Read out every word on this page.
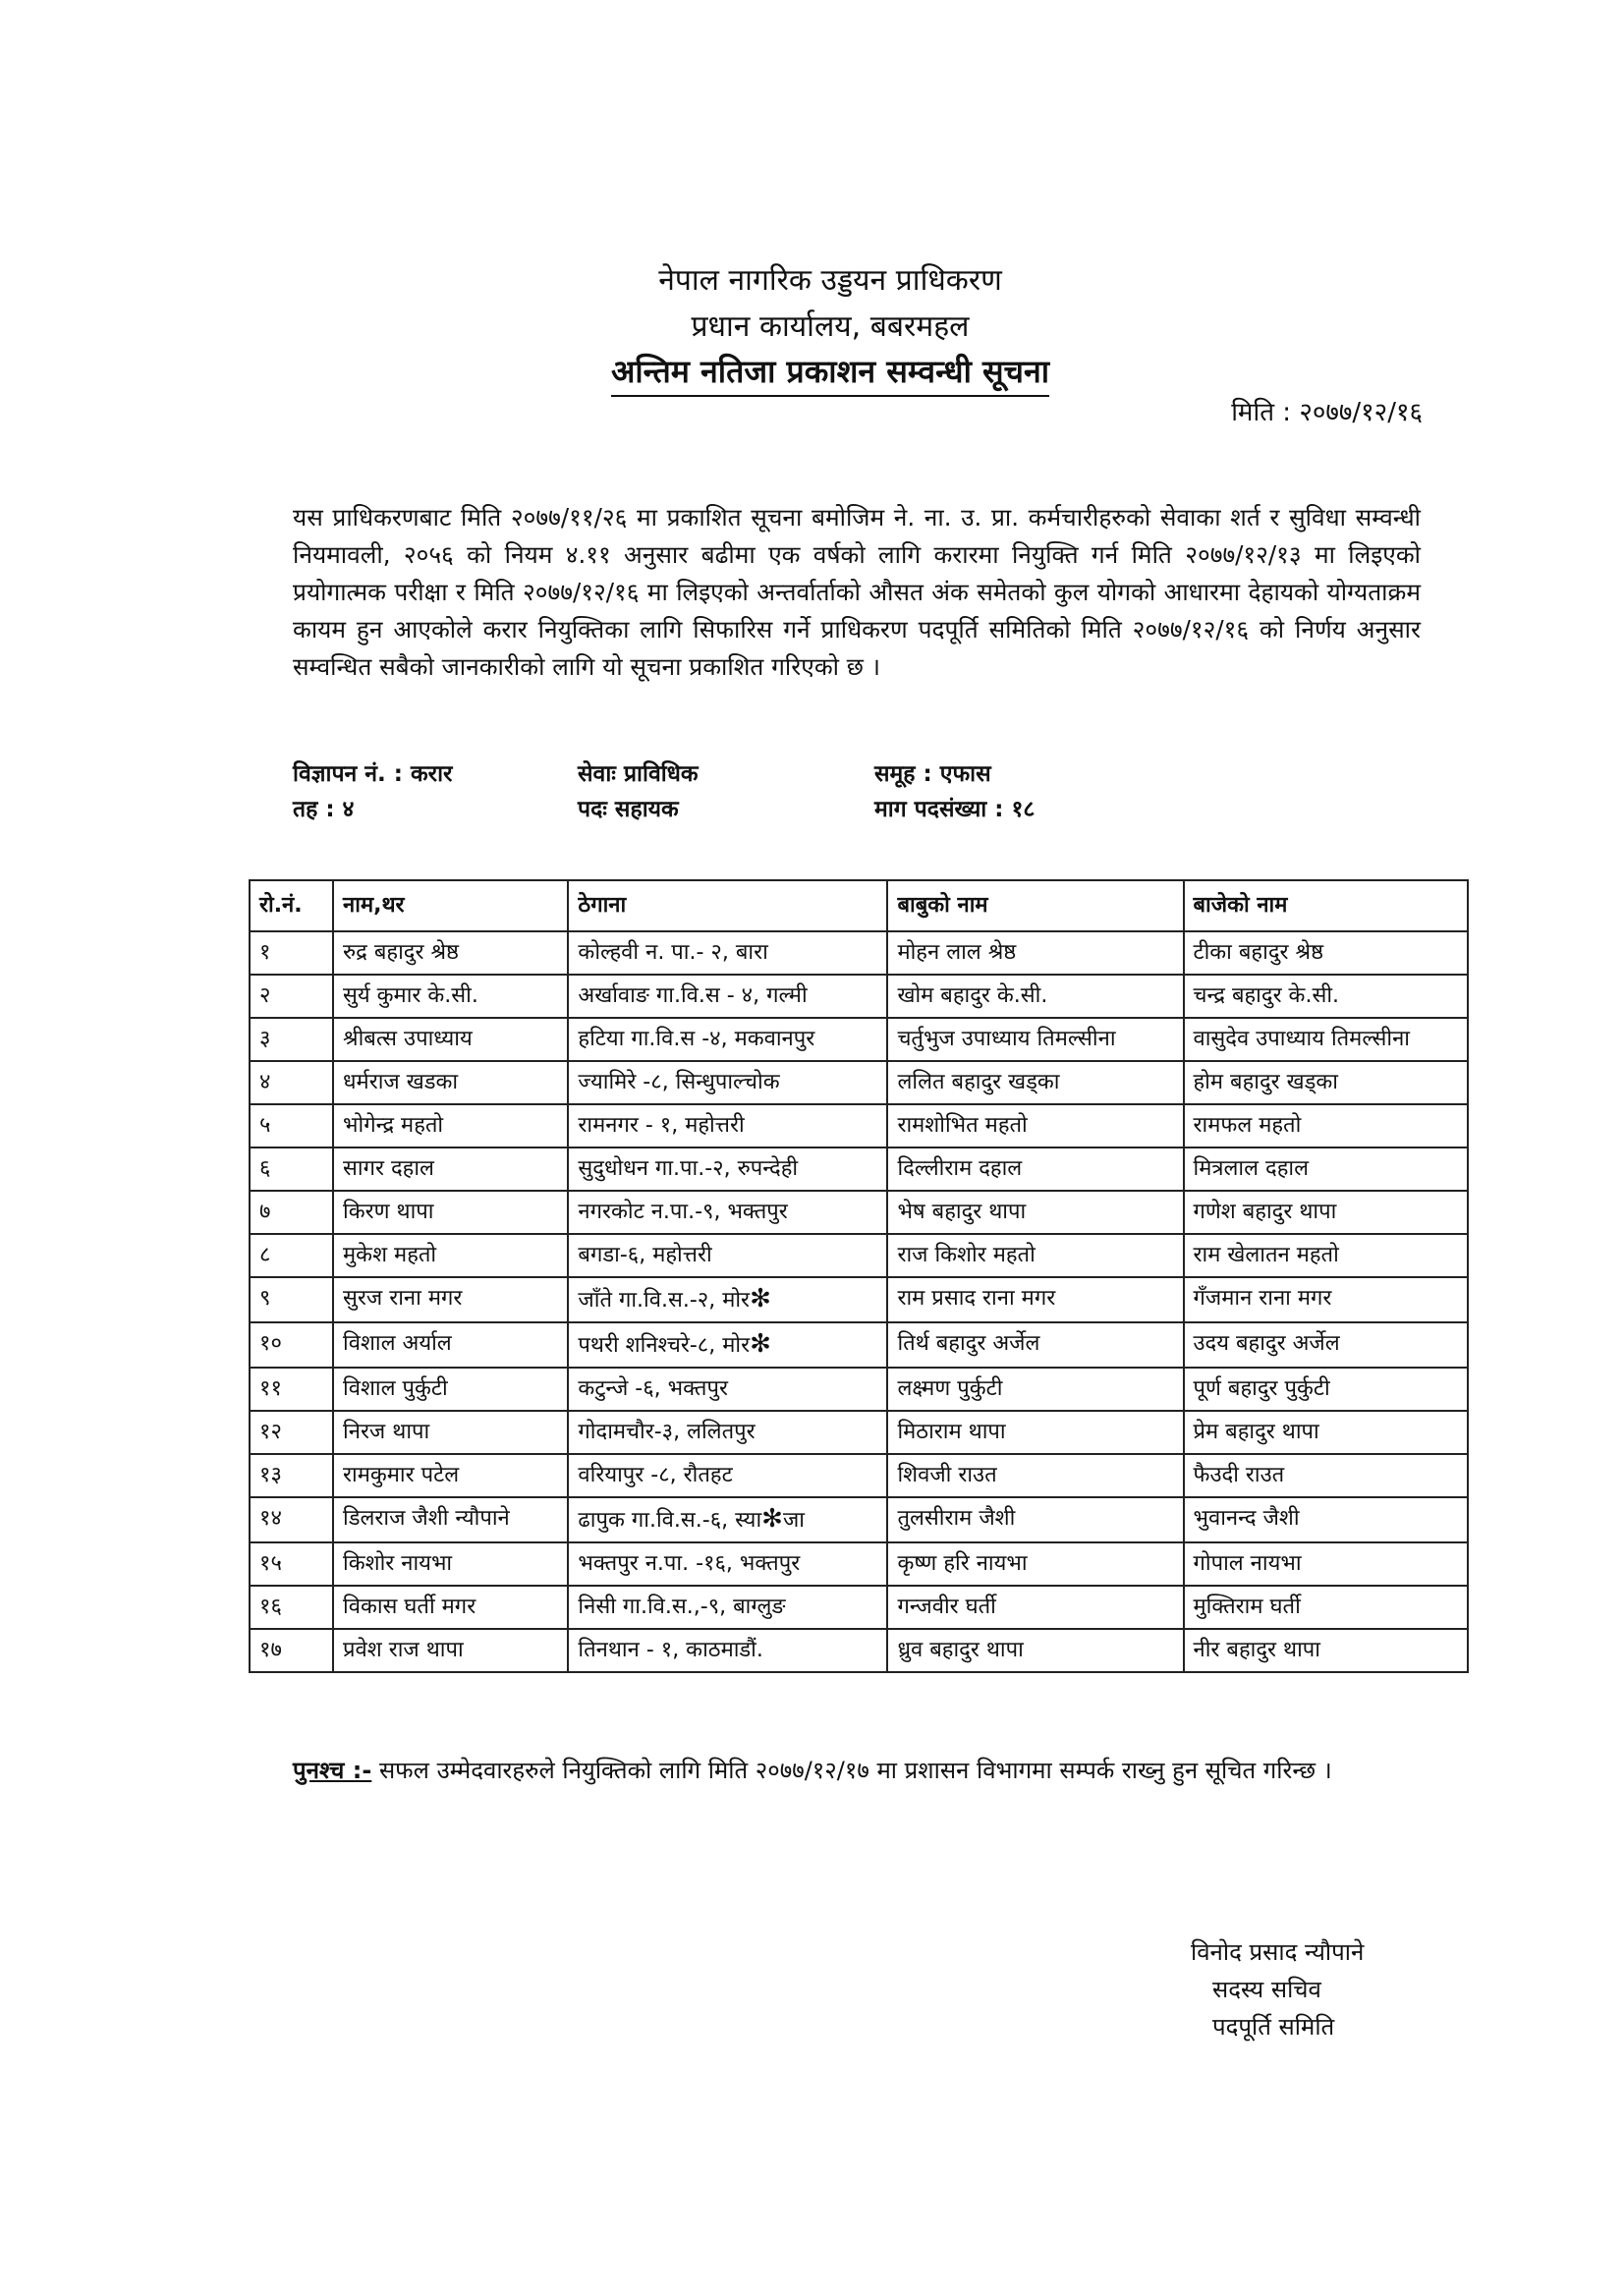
नेपाल नागरिक उड्डयन प्राधिकरण

प्रधान कार्यालय, बबरमहल

अन्तिम नतिजा प्रकाशन सम्वन्धी सूचना

मिति : २०७७/१२/१६

यस प्राधिकरणबाट मिति २०७७/११/२६ मा प्रकाशित सूचना बमोजिम ने. ना. उ. प्रा. कर्मचारीहरुको सेवाका शर्त र सुविधा सम्वन्धी नियमावली, २०५६ को नियम ४.११ अनुसार बढीमा एक वर्षको लागि करारमा नियुक्ति गर्न मिति २०७७/१२/१३ मा लिइएको प्रयोगात्मक परीक्षा र मिति २०७७/१२/१६ मा लिइएको अन्तर्वार्ताको औसत अंक समेतको कुल योगको आधारमा देहायको योग्यताक्रम कायम हुन आएकोले करार नियुक्तिका लागि सिफारिस गर्ने प्राधिकरण पदपूर्ति समितिको मिति २०७७/१२/१६ को निर्णय अनुसार सम्वन्धित सबैको जानकारीको लागि यो सूचना प्रकाशित गरिएको छ ।

विज्ञापन नं. : करार	सेवाः प्राविधिक	समूह : एफास
तह : ४	पदः सहायक	माग पदसंख्या : १८
रो.नं.	नाम,थर	ठेगाना	बाबुको नाम	बाजेको नाम
१	रुद्र बहादुर श्रेष्ठ	कोल्हवी न. पा.- २, बारा	मोहन लाल श्रेष्ठ	टीका बहादुर श्रेष्ठ
२	सुर्य कुमार के.सी.	अर्खावाङ गा.वि.स - ४, गल्मी	खोम बहादुर के.सी.	चन्द्र बहादुर के.सी.
३	श्रीबत्स उपाध्याय	हटिया गा.वि.स -४, मकवानपुर	चर्तुभुज उपाध्याय तिमल्सीना	वासुदेव उपाध्याय तिमल्सीना
४	धर्मराज खडका	ज्यामिरे -८, सिन्धुपाल्चोक	ललित बहादुर खड्का	होम बहादुर खड्का
५	भोगेन्द्र महतो	रामनगर - १, महोत्तरी	रामशोभित महतो	रामफल महतो
६	सागर दहाल	सुदुधोधन गा.पा.-२, रुपन्देही	दिल्लीराम दहाल	मित्रलाल दहाल
७	किरण थापा	नगरकोट न.पा.-९, भक्तपुर	भेष बहादुर थापा	गणेश बहादुर थापा
८	मुकेश महतो	बगडा-६, महोत्तरी	राज किशोर महतो	राम खेलातन महतो
९	सुरज राना मगर	जाँते गा.वि.स.-२, मोर✻	राम प्रसाद राना मगर	गँजमान राना मगर
१०	विशाल अर्याल	पथरी शनिश्चरे-८, मोर✻	तिर्थ बहादुर अर्जेल	उदय बहादुर अर्जेल
११	विशाल पुर्कुटी	कटुन्जे -६, भक्तपुर	लक्ष्मण पुर्कुटी	पूर्ण बहादुर पुर्कुटी
१२	निरज थापा	गोदामचौर-३, ललितपुर	मिठाराम थापा	प्रेम बहादुर थापा
१३	रामकुमार पटेल	वरियापुर -८, रौतहट	शिवजी राउत	फैउदी राउत
१४	डिलराज जैशी न्यौपाने	ढापुक गा.वि.स.-६, स्या✻जा	तुलसीराम जैशी	भुवानन्द जैशी
१५	किशोर नायभा	भक्तपुर न.पा. -१६, भक्तपुर	कृष्ण हरि नायभा	गोपाल नायभा
१६	विकास घर्ती मगर	निसी गा.वि.स.,-९, बाग्लुङ	गन्जवीर घर्ती	मुक्तिराम घर्ती
१७	प्रवेश राज थापा	तिनथान - १, काठमाडौं.	ध्रुव बहादुर थापा	नीर बहादुर थापा

पुनश्च :- सफल उम्मेदवारहरुले नियुक्तिको लागि मिति २०७७/१२/१७ मा प्रशासन विभागमा सम्पर्क राख्नु हुन सूचित गरिन्छ ।

विनोद प्रसाद न्यौपाने
सदस्य सचिव
पदपूर्ति समिति
